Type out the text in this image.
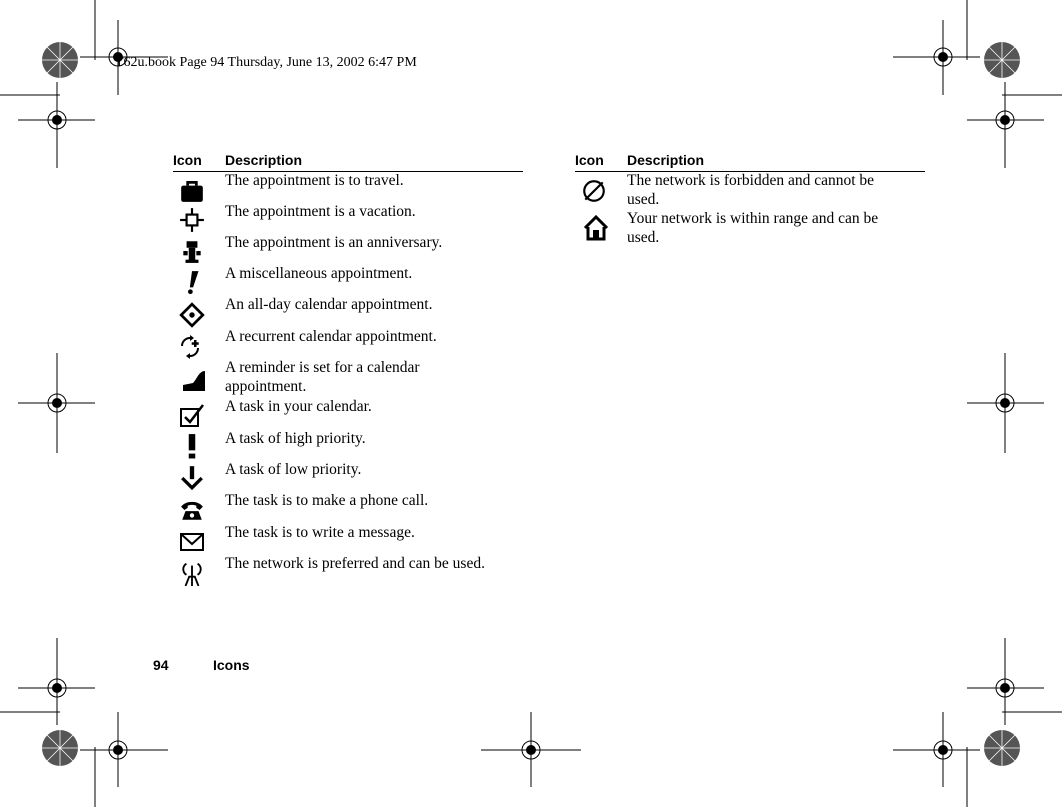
T62u.book Page 94 Thursday, June 13, 2002 6:47 PM
Icon Description
The appointment is to travel.
The appointment is a vacation.
The appointment is an anniversary.
A miscellaneous appointment.
An all-day calendar appointment.
A recurrent calendar appointment.
A reminder is set for a calendar appointment.
A task in your calendar.
A task of high priority.
A task of low priority.
The task is to make a phone call.
The task is to write a message.
The network is preferred and can be used.
Icon Description
The network is forbidden and cannot be used.
Your network is within range and can be used.
94	Icons
